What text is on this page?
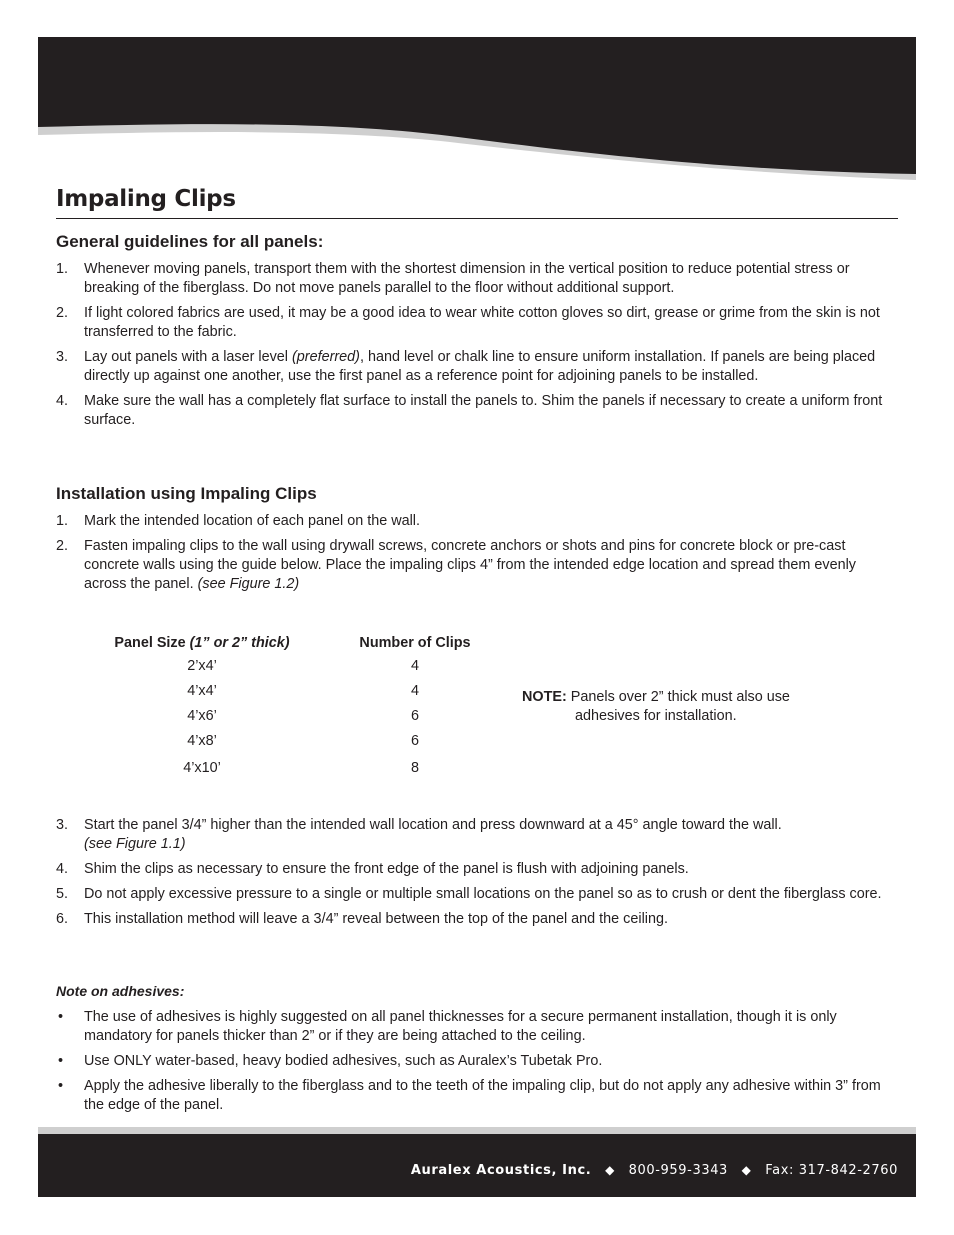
Impaling Clips
General guidelines for all panels:
1. Whenever moving panels, transport them with the shortest dimension in the vertical position to reduce potential stress or breaking of the fiberglass. Do not move panels parallel to the floor without additional support.
2. If light colored fabrics are used, it may be a good idea to wear white cotton gloves so dirt, grease or grime from the skin is not transferred to the fabric.
3. Lay out panels with a laser level (preferred), hand level or chalk line to ensure uniform installation. If panels are being placed directly up against one another, use the first panel as a reference point for adjoining panels to be installed.
4. Make sure the wall has a completely flat surface to install the panels to. Shim the panels if necessary to create a uniform front surface.
Installation using Impaling Clips
1. Mark the intended location of each panel on the wall.
2. Fasten impaling clips to the wall using drywall screws, concrete anchors or shots and pins for concrete block or pre-cast concrete walls using the guide below. Place the impaling clips 4” from the intended edge location and spread them evenly across the panel. (see Figure 1.2)
Panel Size (1” or 2” thick)	Number of Clips
2’x4’	4
4’x4’	4
4’x6’	6
4’x8’	6
4’x10’	8
NOTE: Panels over 2” thick must also use
adhesives for installation.
3. Start the panel 3/4” higher than the intended wall location and press downward at a 45° angle toward the wall.
(see Figure 1.1)
4. Shim the clips as necessary to ensure the front edge of the panel is flush with adjoining panels.
5. Do not apply excessive pressure to a single or multiple small locations on the panel so as to crush or dent the fiberglass core.
6. This installation method will leave a 3/4” reveal between the top of the panel and the ceiling.
Note on adhesives:
• The use of adhesives is highly suggested on all panel thicknesses for a secure permanent installation, though it is only mandatory for panels thicker than 2” or if they are being attached to the ceiling.
• Use ONLY water-based, heavy bodied adhesives, such as Auralex’s Tubetak Pro.
• Apply the adhesive liberally to the fiberglass and to the teeth of the impaling clip, but do not apply any adhesive within 3” from the edge of the panel.
Auralex Acoustics, Inc. ◆ 800-959-3343 ◆ Fax: 317-842-2760
